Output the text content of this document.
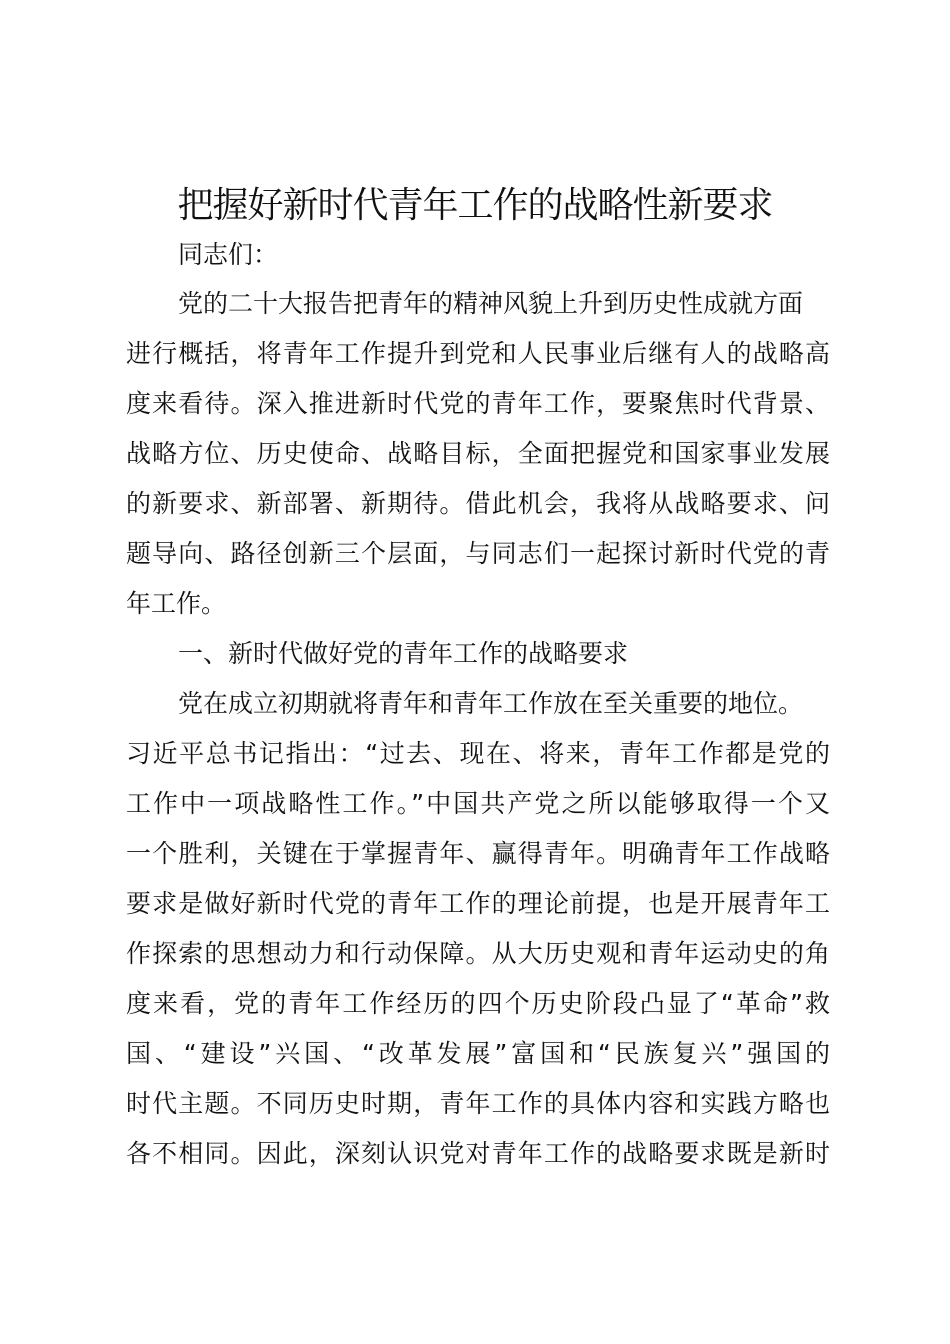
把握好新时代青年工作的战略性新要求
同志们：
党的二十大报告把青年的精神风貌上升到历史性成就方面
进行概括，将青年工作提升到党和人民事业后继有人的战略高
度来看待。深入推进新时代党的青年工作，要聚焦时代背景、
战略方位、历史使命、战略目标，全面把握党和国家事业发展
的新要求、新部署、新期待。借此机会，我将从战略要求、问
题导向、路径创新三个层面，与同志们一起探讨新时代党的青
年工作。
一、新时代做好党的青年工作的战略要求
党在成立初期就将青年和青年工作放在至关重要的地位。
习近平总书记指出：“过去、现在、将来，青年工作都是党的
工作中一项战略性工作。”中国共产党之所以能够取得一个又
一个胜利，关键在于掌握青年、赢得青年。明确青年工作战略
要求是做好新时代党的青年工作的理论前提，也是开展青年工
作探索的思想动力和行动保障。从大历史观和青年运动史的角
度来看，党的青年工作经历的四个历史阶段凸显了“革命”救
国、“建设”兴国、“改革发展”富国和“民族复兴”强国的
时代主题。不同历史时期，青年工作的具体内容和实践方略也
各不相同。因此，深刻认识党对青年工作的战略要求既是新时
